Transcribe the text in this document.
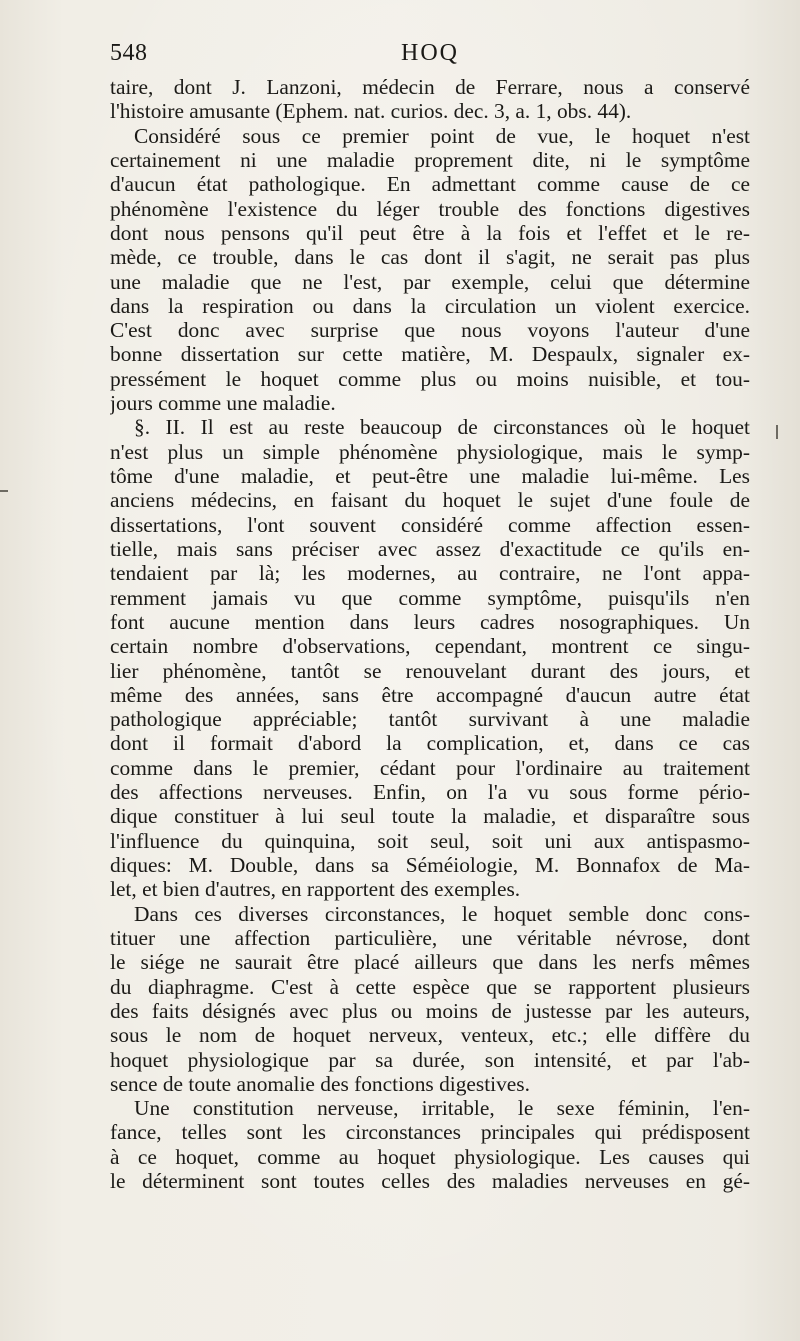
548	HOQ
taire, dont J. Lanzoni, médecin de Ferrare, nous a conservé
l'histoire amusante (Ephem. nat. curios. dec. 3, a. 1, obs. 44).
Considéré sous ce premier point de vue, le hoquet n'est
certainement ni une maladie proprement dite, ni le symptôme
d'aucun état pathologique. En admettant comme cause de ce
phénomène l'existence du léger trouble des fonctions digestives
dont nous pensons qu'il peut être à la fois et l'effet et le re-
mède, ce trouble, dans le cas dont il s'agit, ne serait pas plus
une maladie que ne l'est, par exemple, celui que détermine
dans la respiration ou dans la circulation un violent exercice.
C'est donc avec surprise que nous voyons l'auteur d'une
bonne dissertation sur cette matière, M. Despaulx, signaler ex-
pressément le hoquet comme plus ou moins nuisible, et tou-
jours comme une maladie.
§. II. Il est au reste beaucoup de circonstances où le hoquet
n'est plus un simple phénomène physiologique, mais le symp-
tôme d'une maladie, et peut-être une maladie lui-même. Les
anciens médecins, en faisant du hoquet le sujet d'une foule de
dissertations, l'ont souvent considéré comme affection essen-
tielle, mais sans préciser avec assez d'exactitude ce qu'ils en-
tendaient par là; les modernes, au contraire, ne l'ont appa-
remment jamais vu que comme symptôme, puisqu'ils n'en
font aucune mention dans leurs cadres nosographiques. Un
certain nombre d'observations, cependant, montrent ce singu-
lier phénomène, tantôt se renouvelant durant des jours, et
même des années, sans être accompagné d'aucun autre état
pathologique appréciable; tantôt survivant à une maladie
dont il formait d'abord la complication, et, dans ce cas
comme dans le premier, cédant pour l'ordinaire au traitement
des affections nerveuses. Enfin, on l'a vu sous forme pério-
dique constituer à lui seul toute la maladie, et disparaître sous
l'influence du quinquina, soit seul, soit uni aux antispasmo-
diques: M. Double, dans sa Séméiologie, M. Bonnafox de Ma-
let, et bien d'autres, en rapportent des exemples.
Dans ces diverses circonstances, le hoquet semble donc cons-
tituer une affection particulière, une véritable névrose, dont
le siége ne saurait être placé ailleurs que dans les nerfs mêmes
du diaphragme. C'est à cette espèce que se rapportent plusieurs
des faits désignés avec plus ou moins de justesse par les auteurs,
sous le nom de hoquet nerveux, venteux, etc.; elle diffère du
hoquet physiologique par sa durée, son intensité, et par l'ab-
sence de toute anomalie des fonctions digestives.
Une constitution nerveuse, irritable, le sexe féminin, l'en-
fance, telles sont les circonstances principales qui prédisposent
à ce hoquet, comme au hoquet physiologique. Les causes qui
le déterminent sont toutes celles des maladies nerveuses en gé-
